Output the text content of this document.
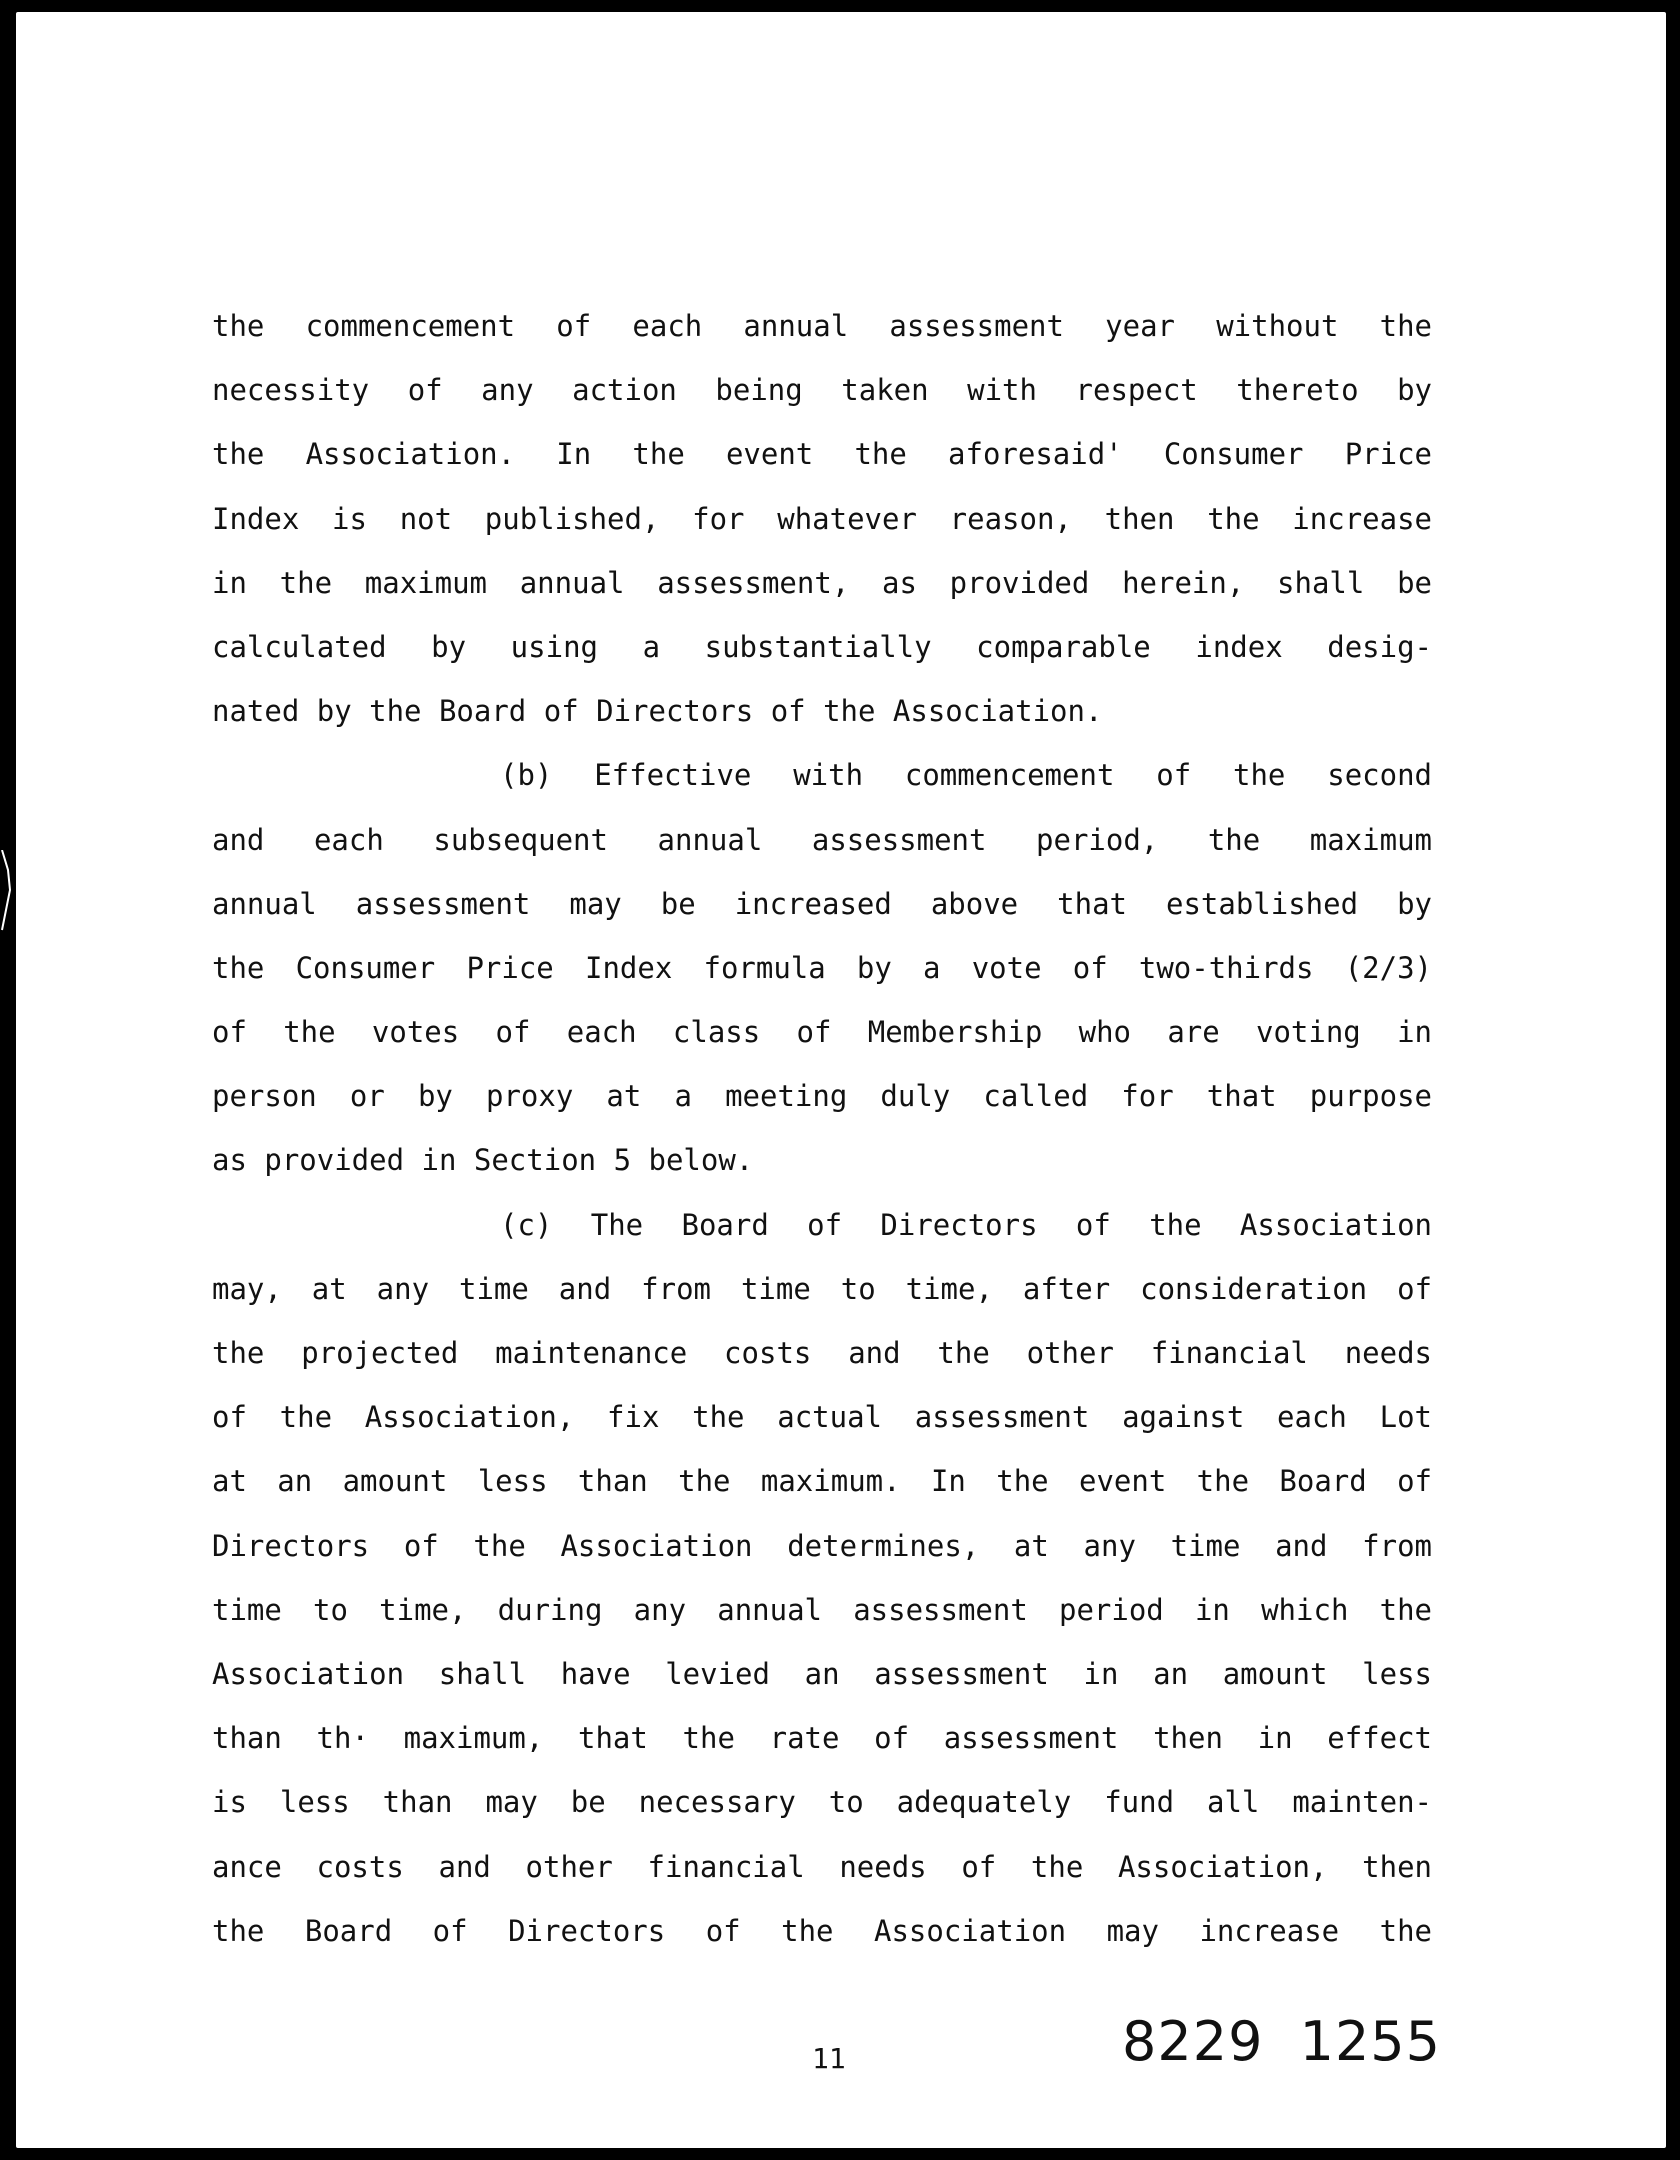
the commencement of each annual assessment year without the
necessity of any action being taken with respect thereto by
the Association. In the event the aforesaid' Consumer Price
Index is not published, for whatever reason, then the increase
in the maximum annual assessment, as provided herein, shall be
calculated by using a substantially comparable index desig-
nated by the Board of Directors of the Association.
(b) Effective with commencement of the second
and each subsequent annual assessment period, the maximum
annual assessment may be increased above that established by
the Consumer Price Index formula by a vote of two-thirds (2/3)
of the votes of each class of Membership who are voting in
person or by proxy at a meeting duly called for that purpose
as provided in Section 5 below.
(c) The Board of Directors of the Association
may, at any time and from time to time, after consideration of
the projected maintenance costs and the other financial needs
of the Association, fix the actual assessment against each Lot
at an amount less than the maximum. In the event the Board of
Directors of the Association determines, at any time and from
time to time, during any annual assessment period in which the
Association shall have levied an assessment in an amount less
than th· maximum, that the rate of assessment then in effect
is less than may be necessary to adequately fund all mainten-
ance costs and other financial needs of the Association, then
the Board of Directors of the Association may increase the
11	8229 1255
